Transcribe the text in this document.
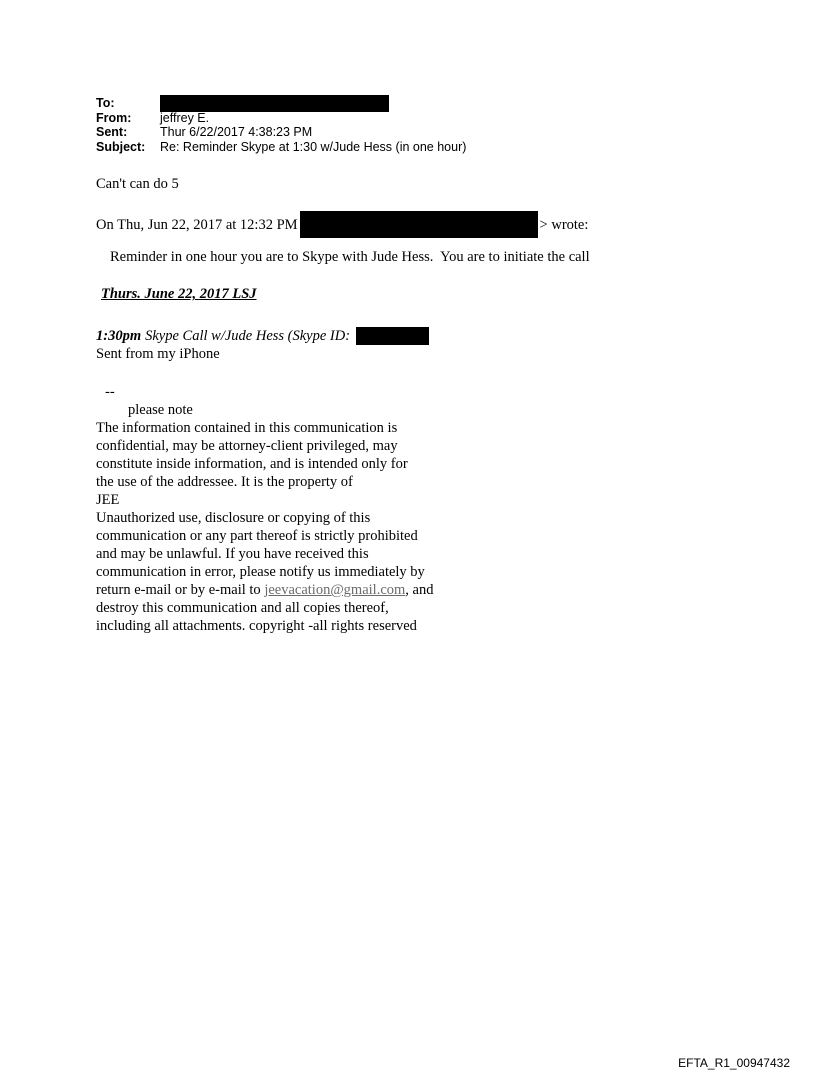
To:
From:	jeffrey E.
Sent:	Thur 6/22/2017 4:38:23 PM
Subject:	Re: Reminder Skype at 1:30 w/Jude Hess (in one hour)
Can't can do 5
On Thu, Jun 22, 2017 at 12:32 PM	> wrote:
Reminder in one hour you are to Skype with Jude Hess.  You are to initiate the call
Thurs. June 22, 2017 LSJ
1:30pm Skype Call w/Jude Hess (Skype ID:
Sent from my iPhone
--
please note
The information contained in this communication is
confidential, may be attorney-client privileged, may
constitute inside information, and is intended only for
the use of the addressee. It is the property of
JEE
Unauthorized use, disclosure or copying of this
communication or any part thereof is strictly prohibited
and may be unlawful. If you have received this
communication in error, please notify us immediately by
return e-mail or by e-mail to jeevacation@gmail.com, and
destroy this communication and all copies thereof,
including all attachments. copyright -all rights reserved
EFTA_R1_00947432
